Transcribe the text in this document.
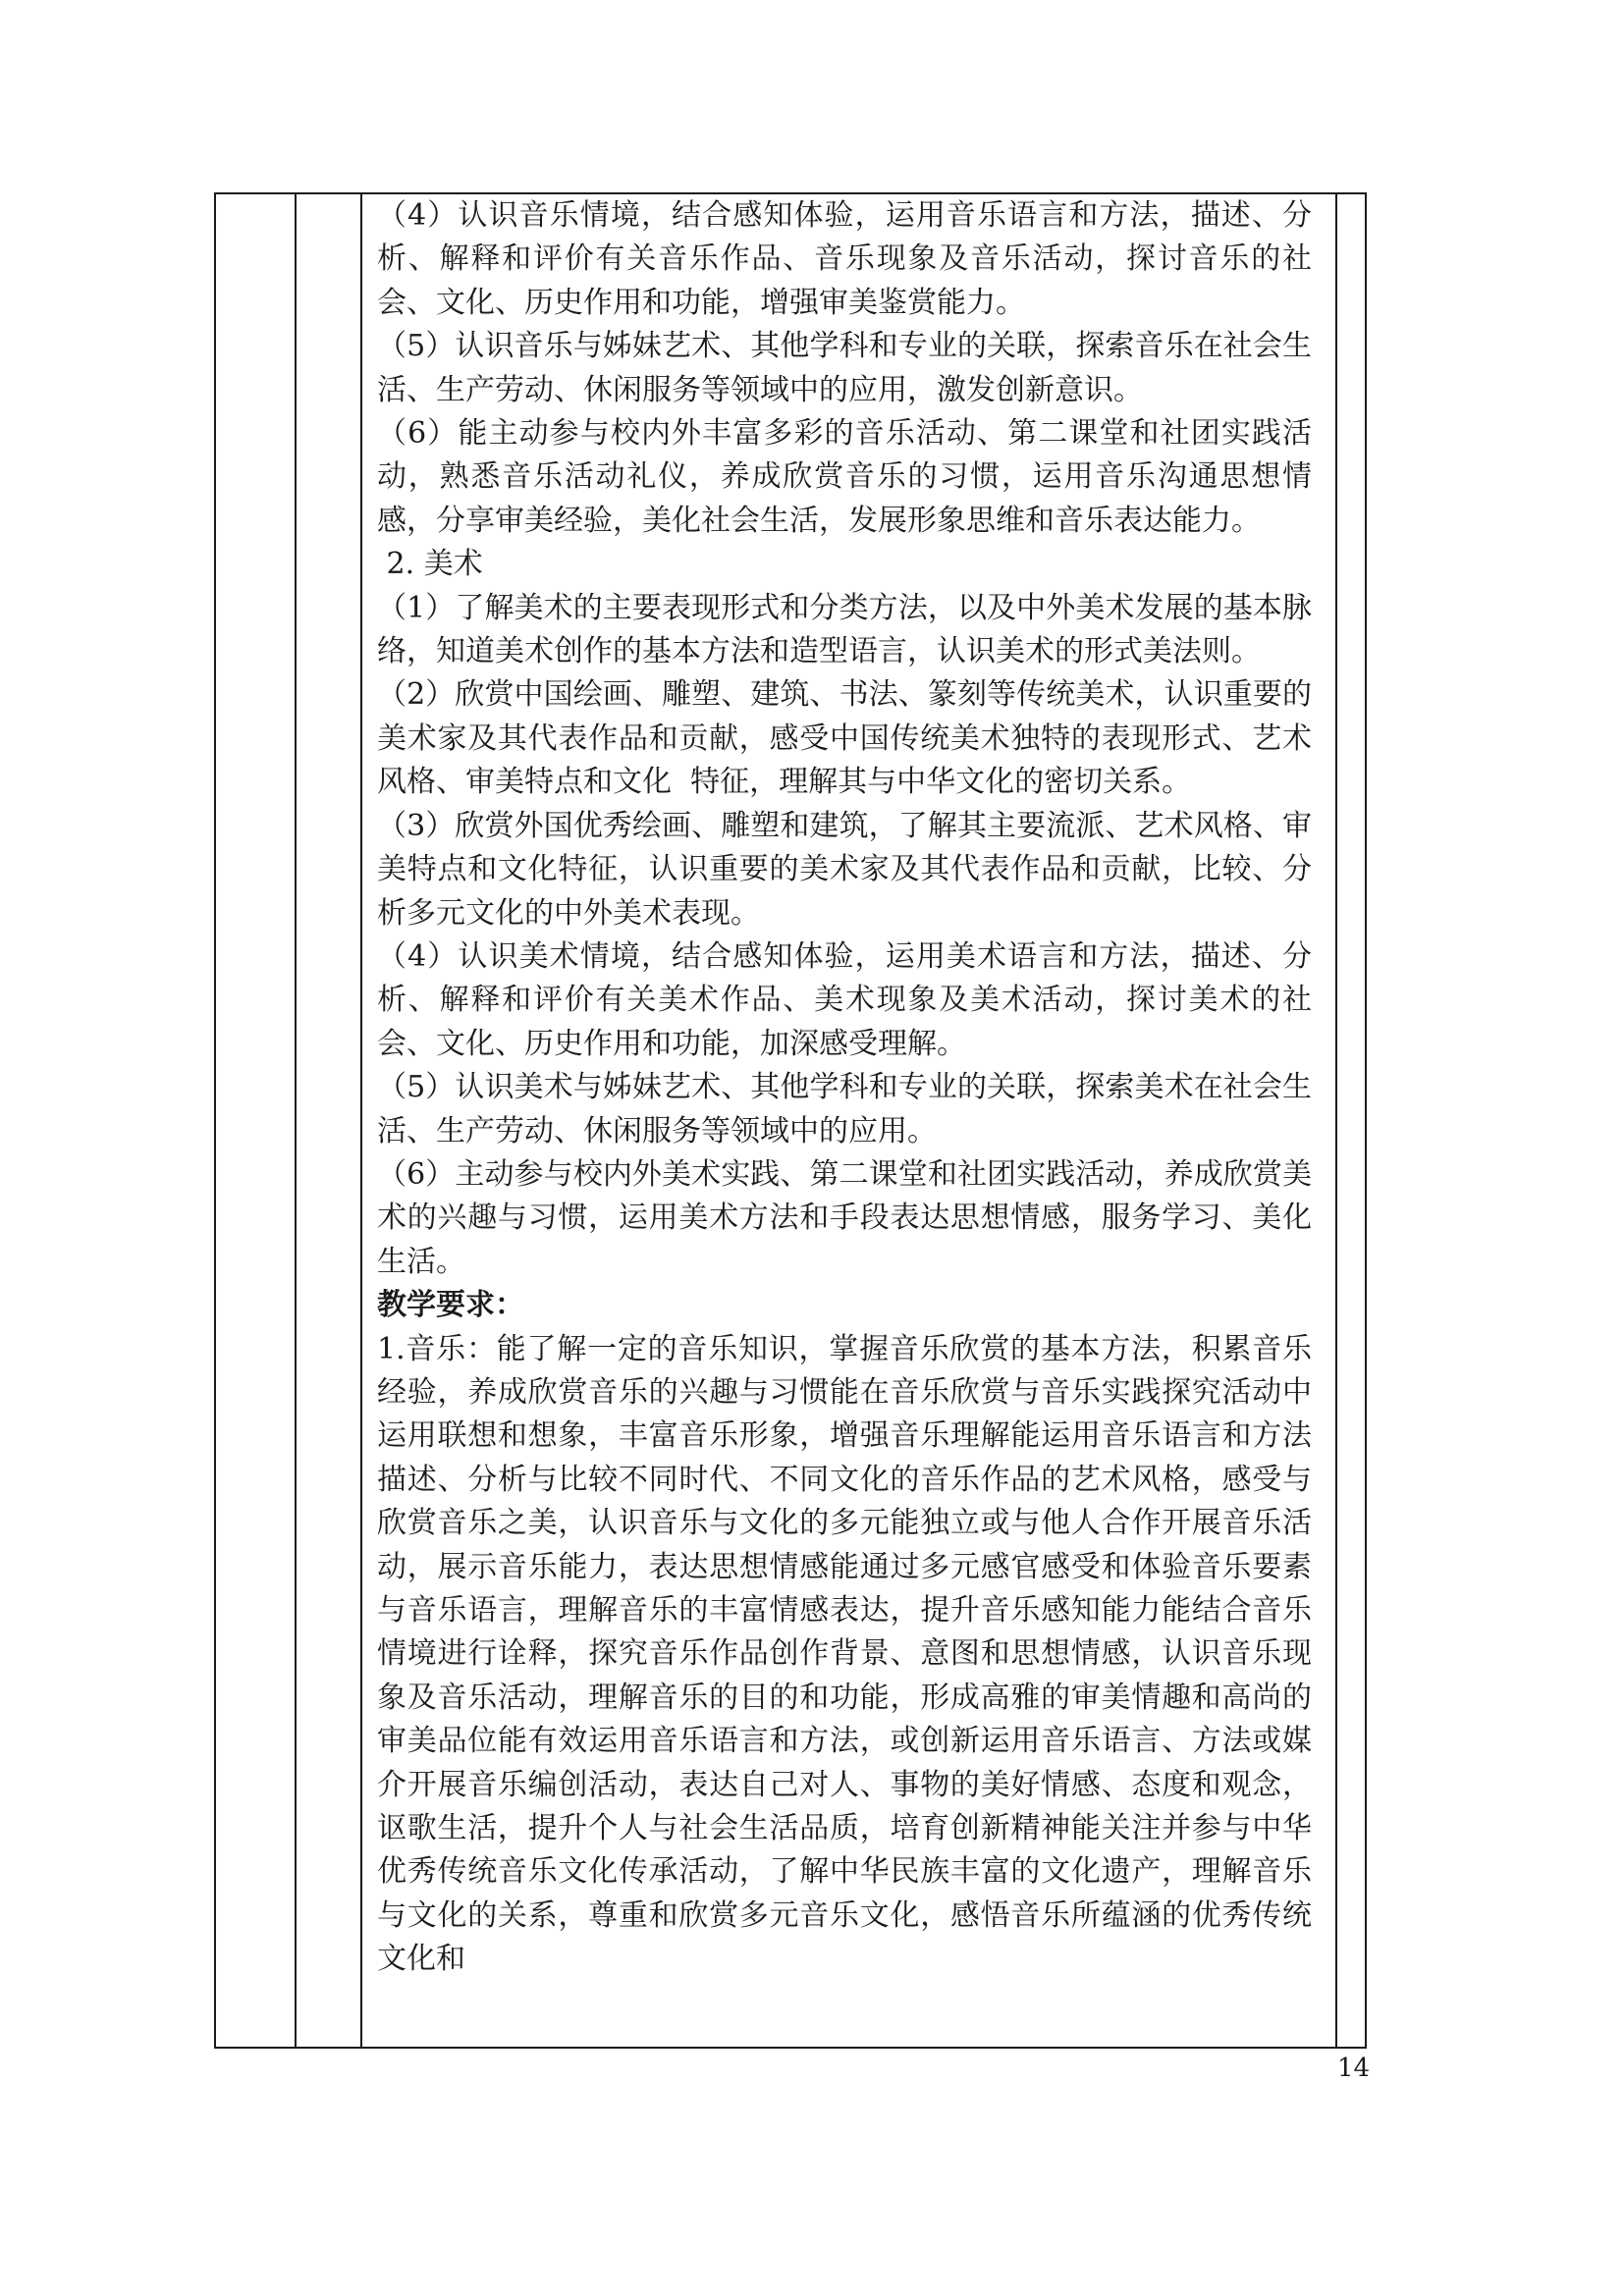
（4）认识音乐情境，结合感知体验，运用音乐语言和方法，描述、分析、解释和评价有关音乐作品、音乐现象及音乐活动，探讨音乐的社会、文化、历史作用和功能，增强审美鉴赏能力。

（5）认识音乐与姊妹艺术、其他学科和专业的关联，探索音乐在社会生活、生产劳动、休闲服务等领域中的应用，激发创新意识。

（6）能主动参与校内外丰富多彩的音乐活动、第二课堂和社团实践活动，熟悉音乐活动礼仪，养成欣赏音乐的习惯，运用音乐沟通思想情感，分享审美经验，美化社会生活，发展形象思维和音乐表达能力。

2. 美术

（1）了解美术的主要表现形式和分类方法，以及中外美术发展的基本脉络，知道美术创作的基本方法和造型语言，认识美术的形式美法则。

（2）欣赏中国绘画、雕塑、建筑、书法、篆刻等传统美术，认识重要的美术家及其代表作品和贡献，感受中国传统美术独特的表现形式、艺术风格、审美特点和文化  特征，理解其与中华文化的密切关系。

（3）欣赏外国优秀绘画、雕塑和建筑，了解其主要流派、艺术风格、审美特点和文化特征，认识重要的美术家及其代表作品和贡献，比较、分析多元文化的中外美术表现。

（4）认识美术情境，结合感知体验，运用美术语言和方法，描述、分析、解释和评价有关美术作品、美术现象及美术活动，探讨美术的社会、文化、历史作用和功能，加深感受理解。

（5）认识美术与姊妹艺术、其他学科和专业的关联，探索美术在社会生活、生产劳动、休闲服务等领域中的应用。

（6）主动参与校内外美术实践、第二课堂和社团实践活动，养成欣赏美术的兴趣与习惯，运用美术方法和手段表达思想情感，服务学习、美化生活。

教学要求：

1.音乐：能了解一定的音乐知识，掌握音乐欣赏的基本方法，积累音乐经验，养成欣赏音乐的兴趣与习惯能在音乐欣赏与音乐实践探究活动中运用联想和想象，丰富音乐形象，增强音乐理解能运用音乐语言和方法描述、分析与比较不同时代、不同文化的音乐作品的艺术风格，感受与欣赏音乐之美，认识音乐与文化的多元能独立或与他人合作开展音乐活动，展示音乐能力，表达思想情感能通过多元感官感受和体验音乐要素与音乐语言，理解音乐的丰富情感表达，提升音乐感知能力能结合音乐情境进行诠释，探究音乐作品创作背景、意图和思想情感，认识音乐现象及音乐活动，理解音乐的目的和功能，形成高雅的审美情趣和高尚的审美品位能有效运用音乐语言和方法，或创新运用音乐语言、方法或媒介开展音乐编创活动，表达自己对人、事物的美好情感、态度和观念，讴歌生活，提升个人与社会生活品质，培育创新精神能关注并参与中华优秀传统音乐文化传承活动，了解中华民族丰富的文化遗产，理解音乐与文化的关系，尊重和欣赏多元音乐文化，感悟音乐所蕴涵的优秀传统文化和

14
